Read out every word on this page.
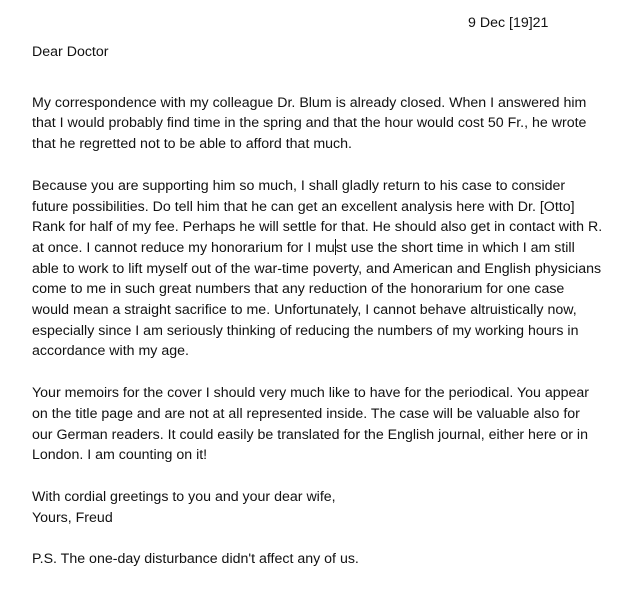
9 Dec [19]21

Dear Doctor

My correspondence with my colleague Dr. Blum is already closed. When I answered him that I would probably find time in the spring and that the hour would cost 50 Fr., he wrote that he regretted not to be able to afford that much.

Because you are supporting him so much, I shall gladly return to his case to consider future possibilities. Do tell him that he can get an excellent analysis here with Dr. [Otto] Rank for half of my fee. Perhaps he will settle for that. He should also get in contact with R. at once. I cannot reduce my honorarium for I must use the short time in which I am still able to work to lift myself out of the war-time poverty, and American and English physicians come to me in such great numbers that any reduction of the honorarium for one case would mean a straight sacrifice to me. Unfortunately, I cannot behave altruistically now, especially since I am seriously thinking of reducing the numbers of my working hours in accordance with my age.

Your memoirs for the cover I should very much like to have for the periodical. You appear on the title page and are not at all represented inside. The case will be valuable also for our German readers. It could easily be translated for the English journal, either here or in London. I am counting on it!

With cordial greetings to you and your dear wife,

Yours, Freud

P.S. The one-day disturbance didn't affect any of us.
